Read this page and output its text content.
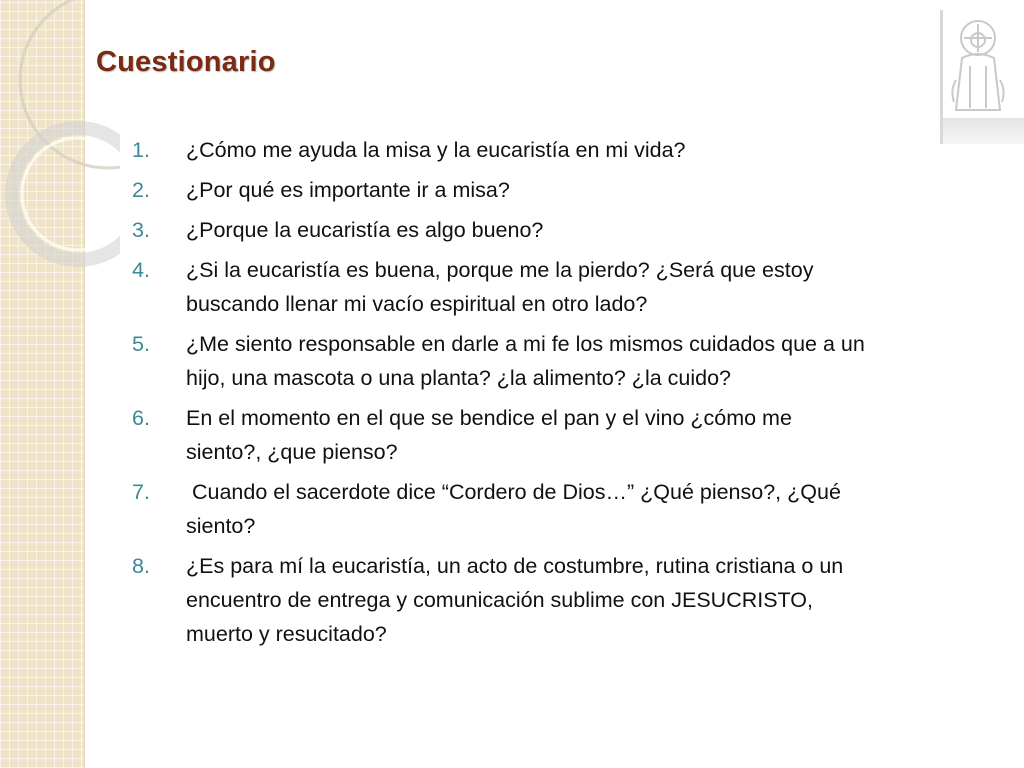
Cuestionario
1.	¿Cómo me ayuda la misa y la eucaristía en mi vida?
2.	¿Por qué es importante ir a misa?
3.	¿Porque la eucaristía es algo bueno?
4.	¿Si la eucaristía es buena, porque me la pierdo? ¿Será que estoy
buscando llenar mi vacío espiritual en otro lado?
5.	¿Me siento responsable en darle a mi fe los mismos cuidados que a un
hijo, una mascota o una planta? ¿la alimento? ¿la cuido?
6.	En el momento en el que se bendice el pan y el vino ¿cómo me
siento?, ¿que pienso?
7.	Cuando el sacerdote dice “Cordero de Dios…” ¿Qué pienso?, ¿Qué
siento?
8.	¿Es para mí la eucaristía, un acto de costumbre, rutina cristiana o un
encuentro de entrega y comunicación sublime con JESUCRISTO,
muerto y resucitado?
